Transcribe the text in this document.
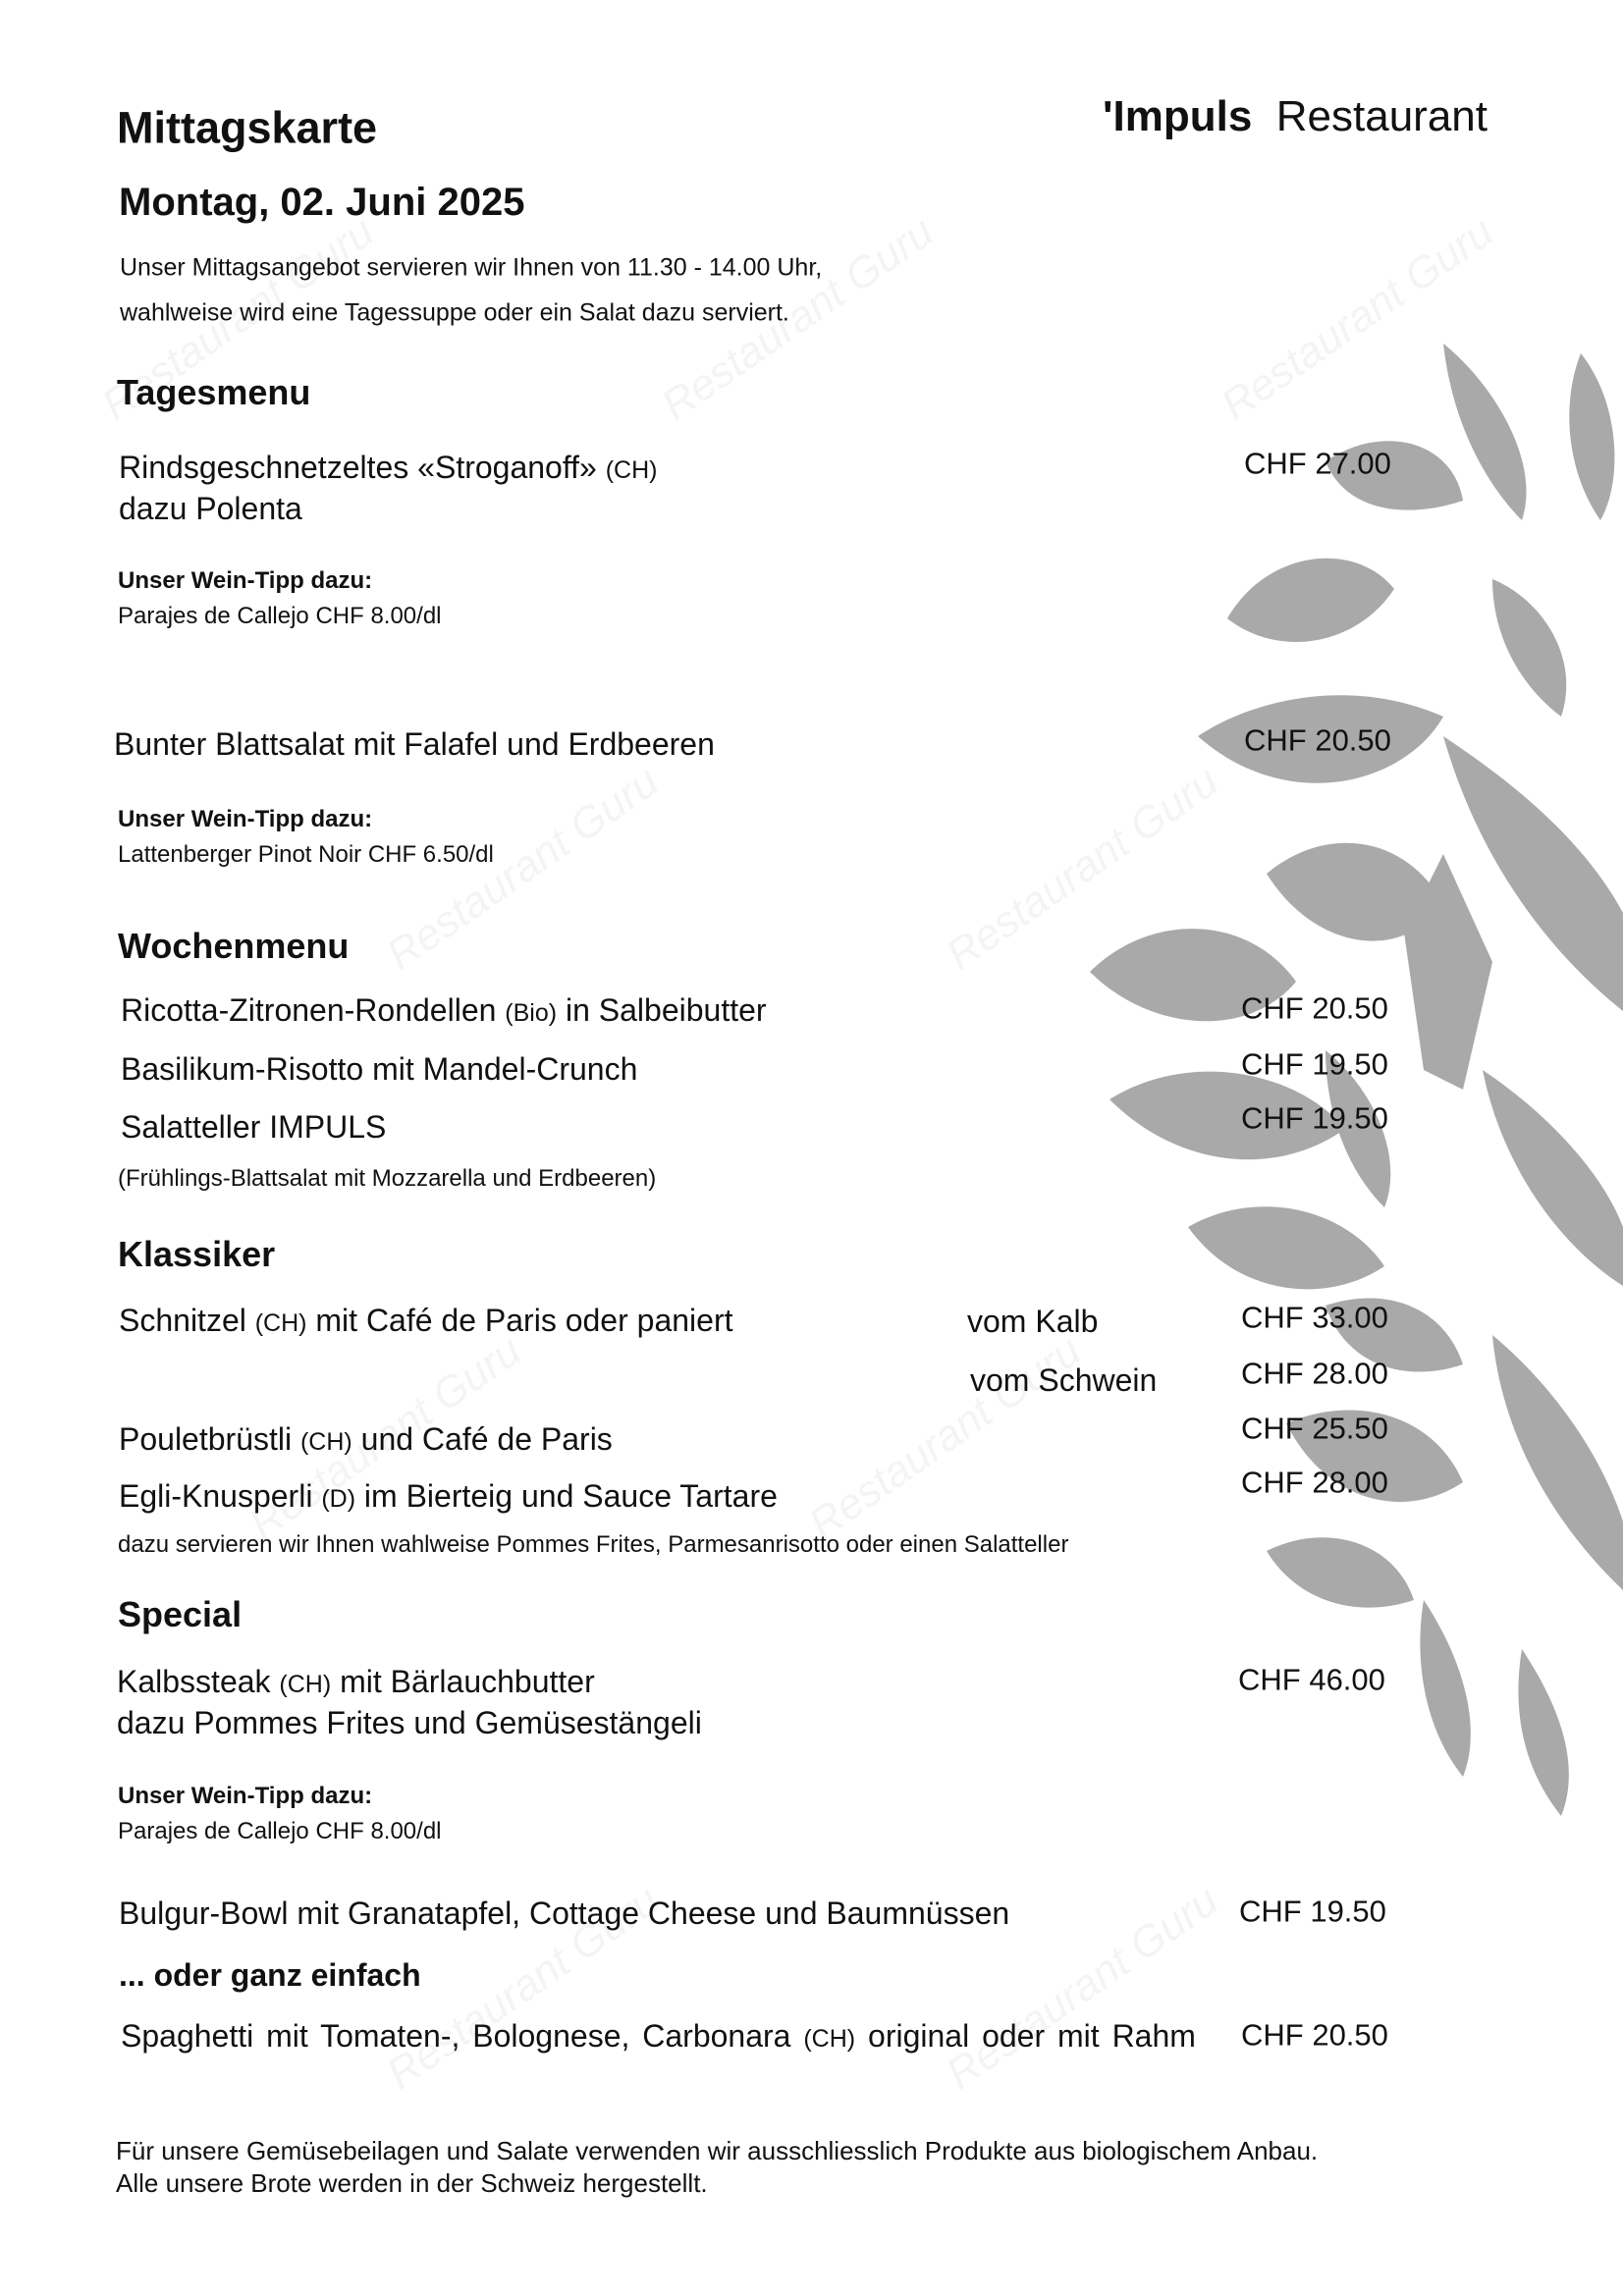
Mittagskarte	'Impuls Restaurant
Montag, 02. Juni 2025
Unser Mittagsangebot servieren wir Ihnen von 11.30 - 14.00 Uhr,
wahlweise wird eine Tagessuppe oder ein Salat dazu serviert.
Tagesmenu
Rindsgeschnetzeltes «Stroganoff» (CH)
dazu Polenta
CHF 27.00
Unser Wein-Tipp dazu:
Parajes de Callejo CHF 8.00/dl
Bunter Blattsalat mit Falafel und Erdbeeren	CHF 20.50
Unser Wein-Tipp dazu:
Lattenberger Pinot Noir CHF 6.50/dl
Wochenmenu
Ricotta-Zitronen-Rondellen (Bio) in Salbeibutter	CHF 20.50
Basilikum-Risotto mit Mandel-Crunch	CHF 19.50
Salatteller IMPULS	CHF 19.50
(Frühlings-Blattsalat mit Mozzarella und Erdbeeren)
Klassiker
Schnitzel (CH) mit Café de Paris oder paniert	vom Kalb	CHF 33.00
vom Schwein	CHF 28.00
Pouletbrüstli (CH) und Café de Paris	CHF 25.50
Egli-Knusperli (D) im Bierteig und Sauce Tartare	CHF 28.00
dazu servieren wir Ihnen wahlweise Pommes Frites, Parmesanrisotto oder einen Salatteller
Special
Kalbssteak (CH) mit Bärlauchbutter
dazu Pommes Frites und Gemüsestängeli
CHF 46.00
Unser Wein-Tipp dazu:
Parajes de Callejo CHF 8.00/dl
Bulgur-Bowl mit Granatapfel, Cottage Cheese und Baumnüssen	CHF 19.50
... oder ganz einfach
Spaghetti mit Tomaten-, Bolognese, Carbonara (CH) original oder mit Rahm CHF 20.50
Für unsere Gemüsebeilagen und Salate verwenden wir ausschliesslich Produkte aus biologischem Anbau.
Alle unsere Brote werden in der Schweiz hergestellt.
